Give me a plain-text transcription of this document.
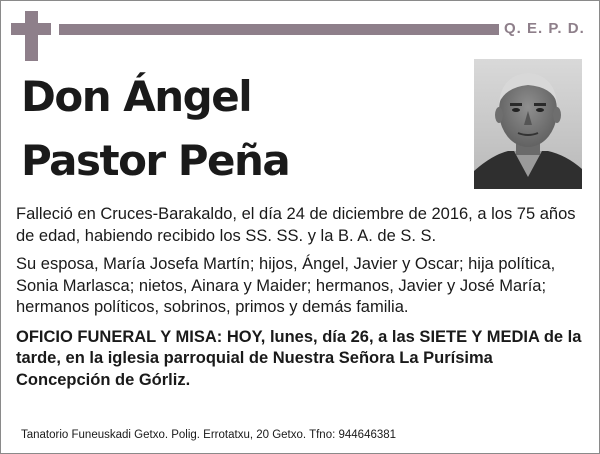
Q. E. P. D.
Don Ángel
Pastor Peña

Falleció en Cruces-Barakaldo, el día 24 de diciembre de 2016, a los 75 años de edad, habiendo recibido los SS. SS. y la B. A. de S. S.

Su esposa, María Josefa Martín; hijos, Ángel, Javier y Oscar; hija política, Sonia Marlasca; nietos, Ainara y Maider; hermanos, Javier y José María; hermanos políticos, sobrinos, primos y demás familia.

OFICIO FUNERAL Y MISA: HOY, lunes, día 26, a las SIETE Y MEDIA de la tarde, en la iglesia parroquial de Nuestra Señora La Purísima Concepción de Górliz.

Tanatorio Funeuskadi Getxo. Polig. Errotatxu, 20 Getxo. Tfno: 944646381
